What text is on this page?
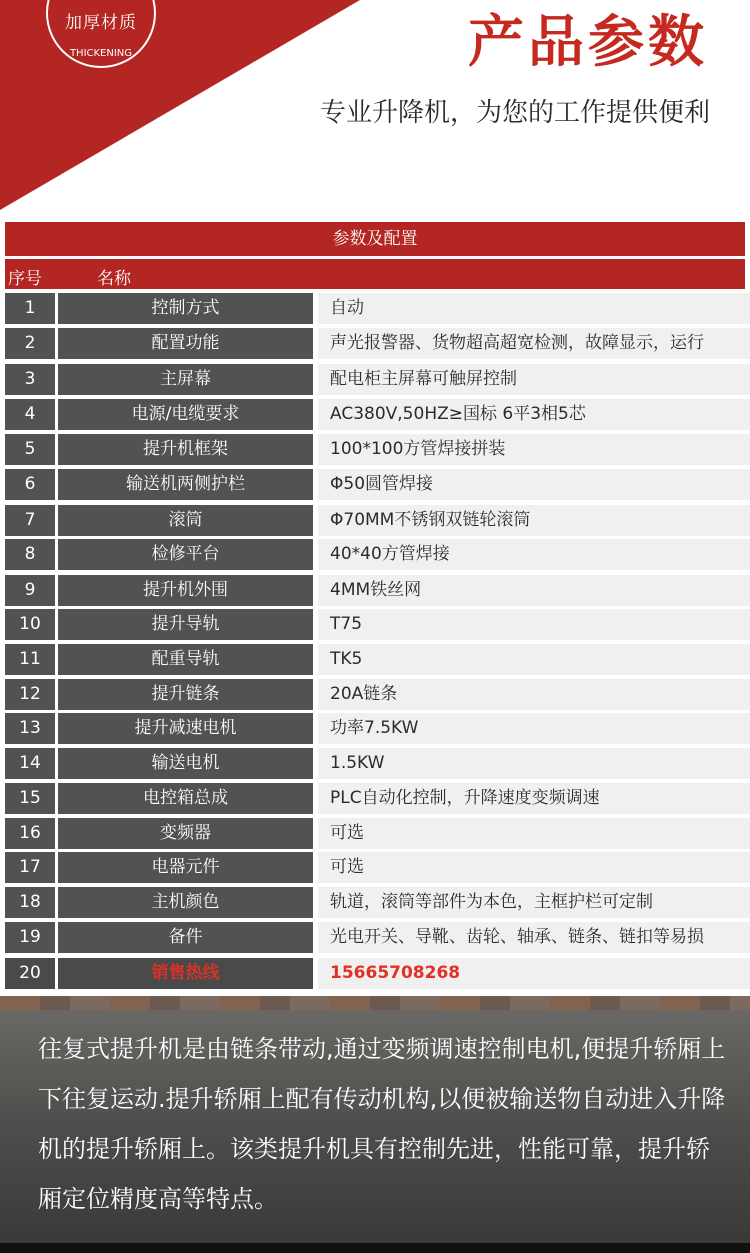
加厚材质
THICKENING	产品参数
专业升降机，为您的工作提供便利
参数及配置
序号	名称
1	控制方式	自动
2	配置功能	声光报警器、货物超高超宽检测，故障显示，运行
3	主屏幕	配电柜主屏幕可触屏控制
4	电源/电缆要求	AC380V,50HZ≥国标 6平3相5芯
5	提升机框架	100*100方管焊接拼装
6	输送机两侧护栏	Φ50圆管焊接
7	滚筒	Φ70MM不锈钢双链轮滚筒
8	检修平台	40*40方管焊接
9	提升机外围	4MM铁丝网
10	提升导轨	T75
11	配重导轨	TK5
12	提升链条	20A链条
13	提升减速电机	功率7.5KW
14	输送电机	1.5KW
15	电控箱总成	PLC自动化控制，升降速度变频调速
16	变频器	可选
17	电器元件	可选
18	主机颜色	轨道，滚筒等部件为本色，主框护栏可定制
19	备件	光电开关、导靴、齿轮、轴承、链条、链扣等易损
20	销售热线	15665708268
往复式提升机是由链条带动,通过变频调速控制电机,便提升轿厢上下往复运动.提升轿厢上配有传动机构,以便被输送物自动进入升降机的提升轿厢上。该类提升机具有控制先进，性能可靠，提升轿厢定位精度高等特点。
